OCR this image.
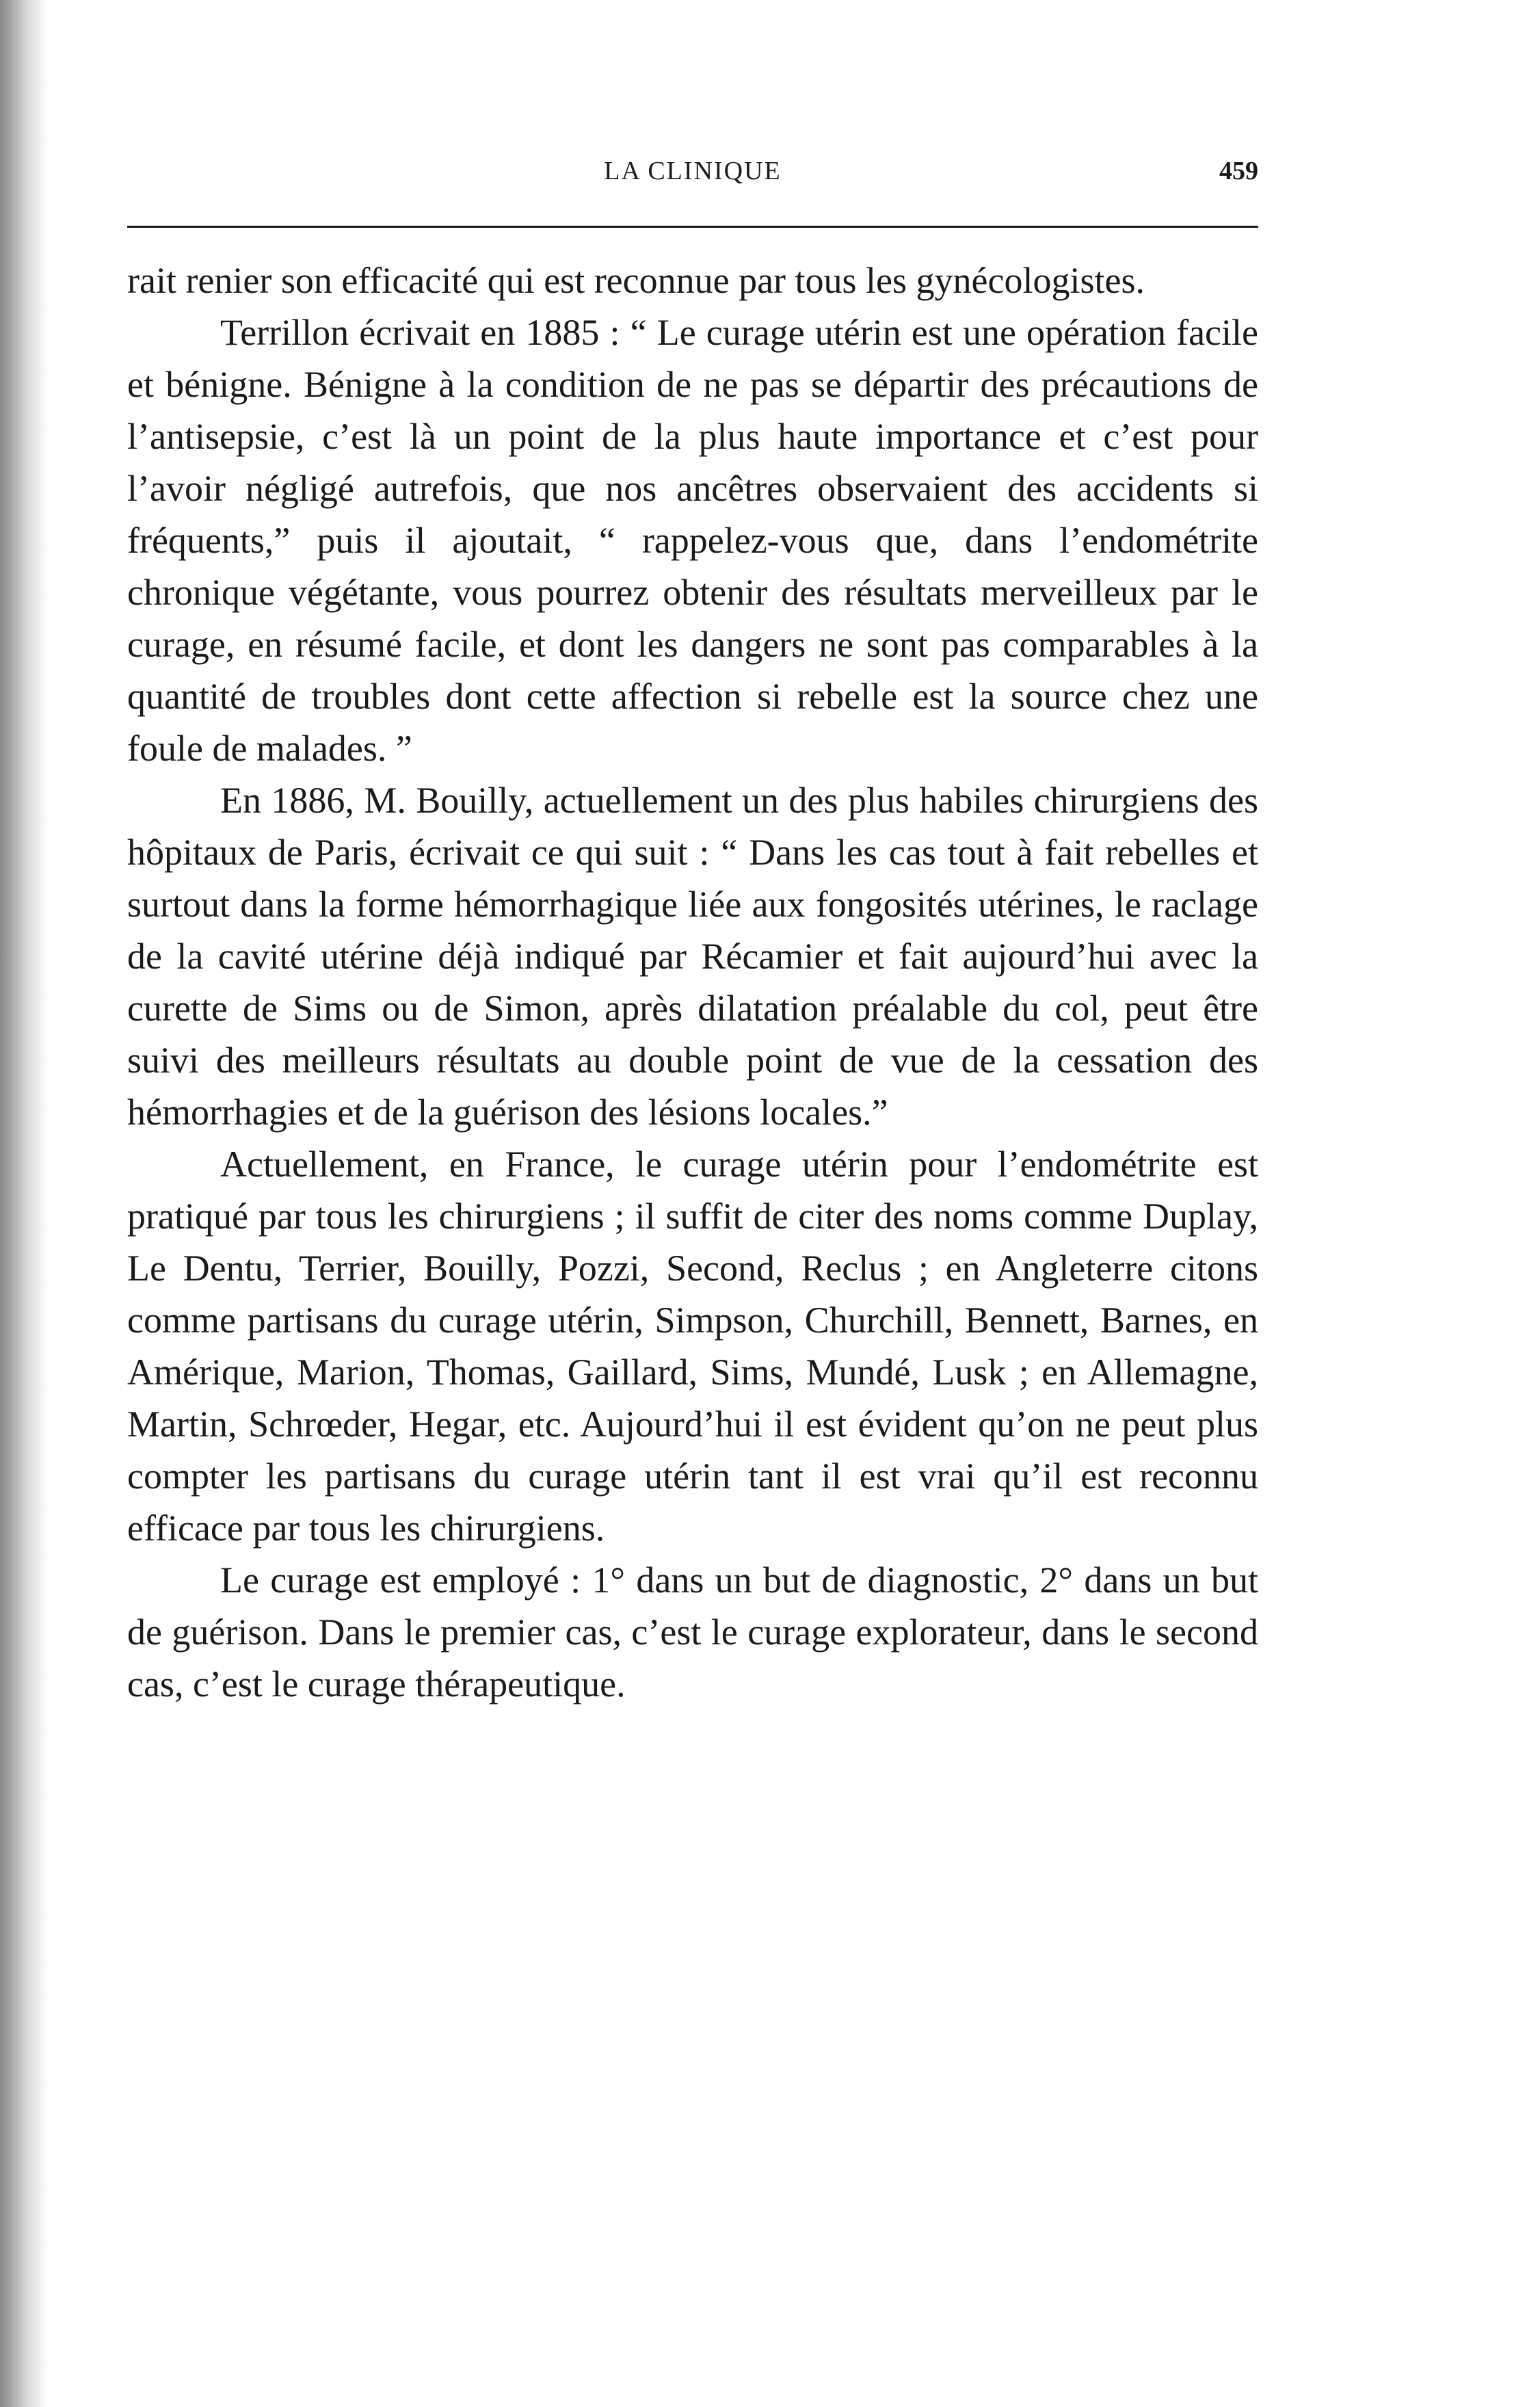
LA CLINIQUE	459

rait renier son efficacité qui est reconnue par tous les gynécologistes.

Terrillon écrivait en 1885 : “ Le curage utérin est une opération facile et bénigne. Bénigne à la condition de ne pas se départir des précautions de l’antisepsie, c’est là un point de la plus haute importance et c’est pour l’avoir négligé autrefois, que nos ancêtres observaient des accidents si fréquents,” puis il ajoutait, “ rappelez-vous que, dans l’endométrite chronique végétante, vous pourrez obtenir des résultats merveilleux par le curage, en résumé facile, et dont les dangers ne sont pas comparables à la quantité de troubles dont cette affection si rebelle est la source chez une foule de malades. ”

En 1886, M. Bouilly, actuellement un des plus habiles chirurgiens des hôpitaux de Paris, écrivait ce qui suit : “ Dans les cas tout à fait rebelles et surtout dans la forme hémorrhagique liée aux fongosités utérines, le raclage de la cavité utérine déjà indiqué par Récamier et fait aujourd’hui avec la curette de Sims ou de Simon, après dilatation préalable du col, peut être suivi des meilleurs résultats au double point de vue de la cessation des hémorrhagies et de la guérison des lésions locales.”

Actuellement, en France, le curage utérin pour l’endométrite est pratiqué par tous les chirurgiens ; il suffit de citer des noms comme Duplay, Le Dentu, Terrier, Bouilly, Pozzi, Second, Reclus ; en Angleterre citons comme partisans du curage utérin, Simpson, Churchill, Bennett, Barnes, en Amérique, Marion, Thomas, Gaillard, Sims, Mundé, Lusk ; en Allemagne, Martin, Schrœder, Hegar, etc. Aujourd’hui il est évident qu’on ne peut plus compter les partisans du curage utérin tant il est vrai qu’il est reconnu efficace par tous les chirurgiens.

Le curage est employé : 1° dans un but de diagnostic, 2° dans un but de guérison. Dans le premier cas, c’est le curage explorateur, dans le second cas, c’est le curage thérapeutique.
